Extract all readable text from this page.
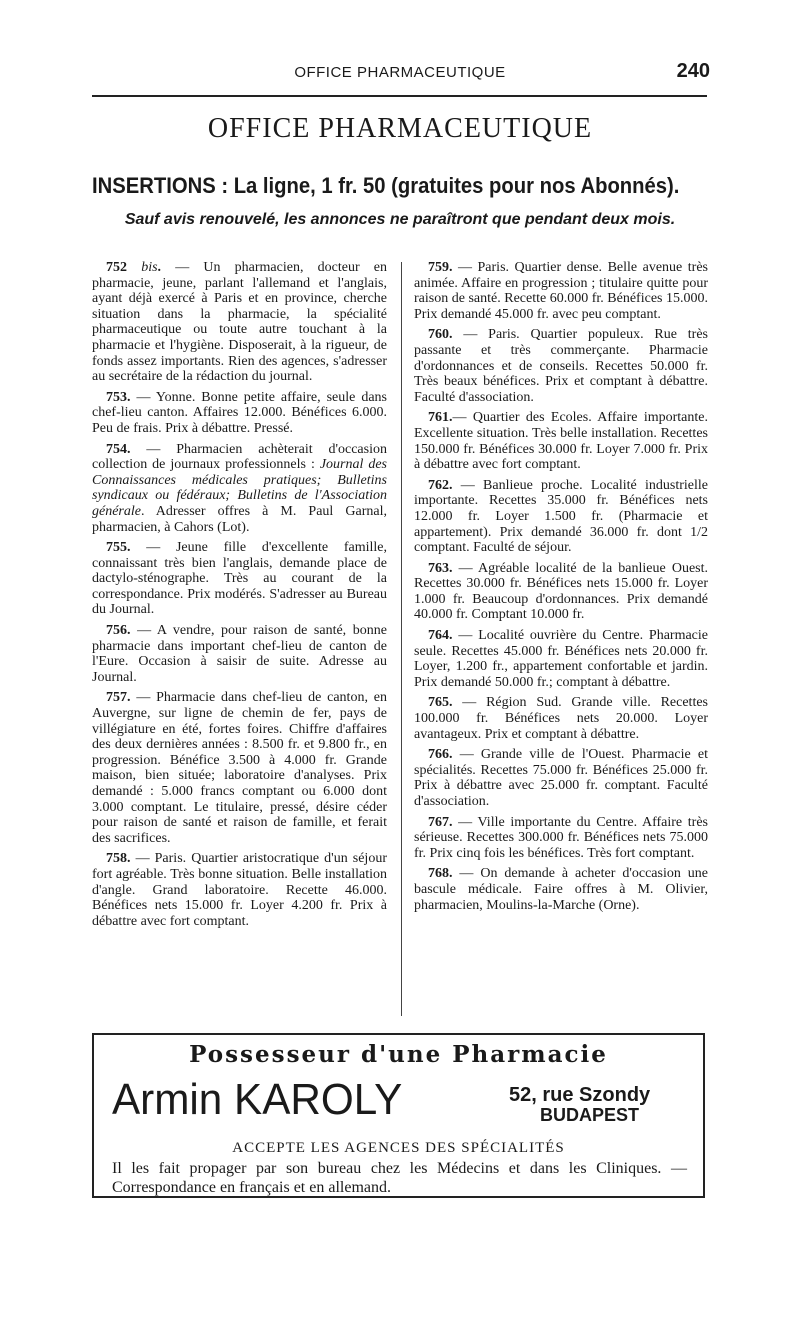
OFFICE PHARMACEUTIQUE	240
OFFICE PHARMACEUTIQUE
INSERTIONS : La ligne, 1 fr. 50 (gratuites pour nos Abonnés).
Sauf avis renouvelé, les annonces ne paraîtront que pendant deux mois.

752 bis. — Un pharmacien, docteur en pharmacie, jeune, parlant l'allemand et l'anglais, ayant déjà exercé à Paris et en province, cherche situation dans la pharmacie, la spécialité pharmaceutique ou toute autre touchant à la pharmacie et l'hygiène. Disposerait, à la rigueur, de fonds assez importants. Rien des agences, s'adresser au secrétaire de la rédaction du journal.

753. — Yonne. Bonne petite affaire, seule dans chef-lieu canton. Affaires 12.000. Bénéfices 6.000. Peu de frais. Prix à débattre. Pressé.

754. — Pharmacien achèterait d'occasion collection de journaux professionnels : Journal des Connaissances médicales pratiques; Bulletins syndicaux ou fédéraux; Bulletins de l'Association générale. Adresser offres à M. Paul Garnal, pharmacien, à Cahors (Lot).

755. — Jeune fille d'excellente famille, connaissant très bien l'anglais, demande place de dactylo-sténographe. Très au courant de la correspondance. Prix modérés. S'adresser au Bureau du Journal.

756. — A vendre, pour raison de santé, bonne pharmacie dans important chef-lieu de canton de l'Eure. Occasion à saisir de suite. Adresse au Journal.

757. — Pharmacie dans chef-lieu de canton, en Auvergne, sur ligne de chemin de fer, pays de villégiature en été, fortes foires. Chiffre d'affaires des deux dernières années : 8.500 fr. et 9.800 fr., en progression. Bénéfice 3.500 à 4.000 fr. Grande maison, bien située; laboratoire d'analyses. Prix demandé : 5.000 francs comptant ou 6.000 dont 3.000 comptant. Le titulaire, pressé, désire céder pour raison de santé et raison de famille, et ferait des sacrifices.

758. — Paris. Quartier aristocratique d'un séjour fort agréable. Très bonne situation. Belle installation d'angle. Grand laboratoire. Recette 46.000. Bénéfices nets 15.000 fr. Loyer 4.200 fr. Prix à débattre avec fort comptant.

759. — Paris. Quartier dense. Belle avenue très animée. Affaire en progression ; titulaire quitte pour raison de santé. Recette 60.000 fr. Bénéfices 15.000. Prix demandé 45.000 fr. avec peu comptant.

760. — Paris. Quartier populeux. Rue très passante et très commerçante. Pharmacie d'ordonnances et de conseils. Recettes 50.000 fr. Très beaux bénéfices. Prix et comptant à débattre. Faculté d'association.

761.— Quartier des Ecoles. Affaire importante. Excellente situation. Très belle installation. Recettes 150.000 fr. Bénéfices 30.000 fr. Loyer 7.000 fr. Prix à débattre avec fort comptant.

762. — Banlieue proche. Localité industrielle importante. Recettes 35.000 fr. Bénéfices nets 12.000 fr. Loyer 1.500 fr. (Pharmacie et appartement). Prix demandé 36.000 fr. dont 1/2 comptant. Faculté de séjour.

763. — Agréable localité de la banlieue Ouest. Recettes 30.000 fr. Bénéfices nets 15.000 fr. Loyer 1.000 fr. Beaucoup d'ordonnances. Prix demandé 40.000 fr. Comptant 10.000 fr.

764. — Localité ouvrière du Centre. Pharmacie seule. Recettes 45.000 fr. Bénéfices nets 20.000 fr. Loyer, 1.200 fr., appartement confortable et jardin. Prix demandé 50.000 fr.; comptant à débattre.

765. — Région Sud. Grande ville. Recettes 100.000 fr. Bénéfices nets 20.000. Loyer avantageux. Prix et comptant à débattre.

766. — Grande ville de l'Ouest. Pharmacie et spécialités. Recettes 75.000 fr. Bénéfices 25.000 fr. Prix à débattre avec 25.000 fr. comptant. Faculté d'association.

767. — Ville importante du Centre. Affaire très sérieuse. Recettes 300.000 fr. Bénéfices nets 75.000 fr. Prix cinq fois les bénéfices. Très fort comptant.

768. — On demande à acheter d'occasion une bascule médicale. Faire offres à M. Olivier, pharmacien, Moulins-la-Marche (Orne).

Possesseur d'une Pharmacie
Armin KAROLY	52, rue Szondy
BUDAPEST
ACCEPTE LES AGENCES DES SPÉCIALITÉS
Il les fait propager par son bureau chez les Médecins et dans les Cliniques. — Correspondance en français et en allemand.
